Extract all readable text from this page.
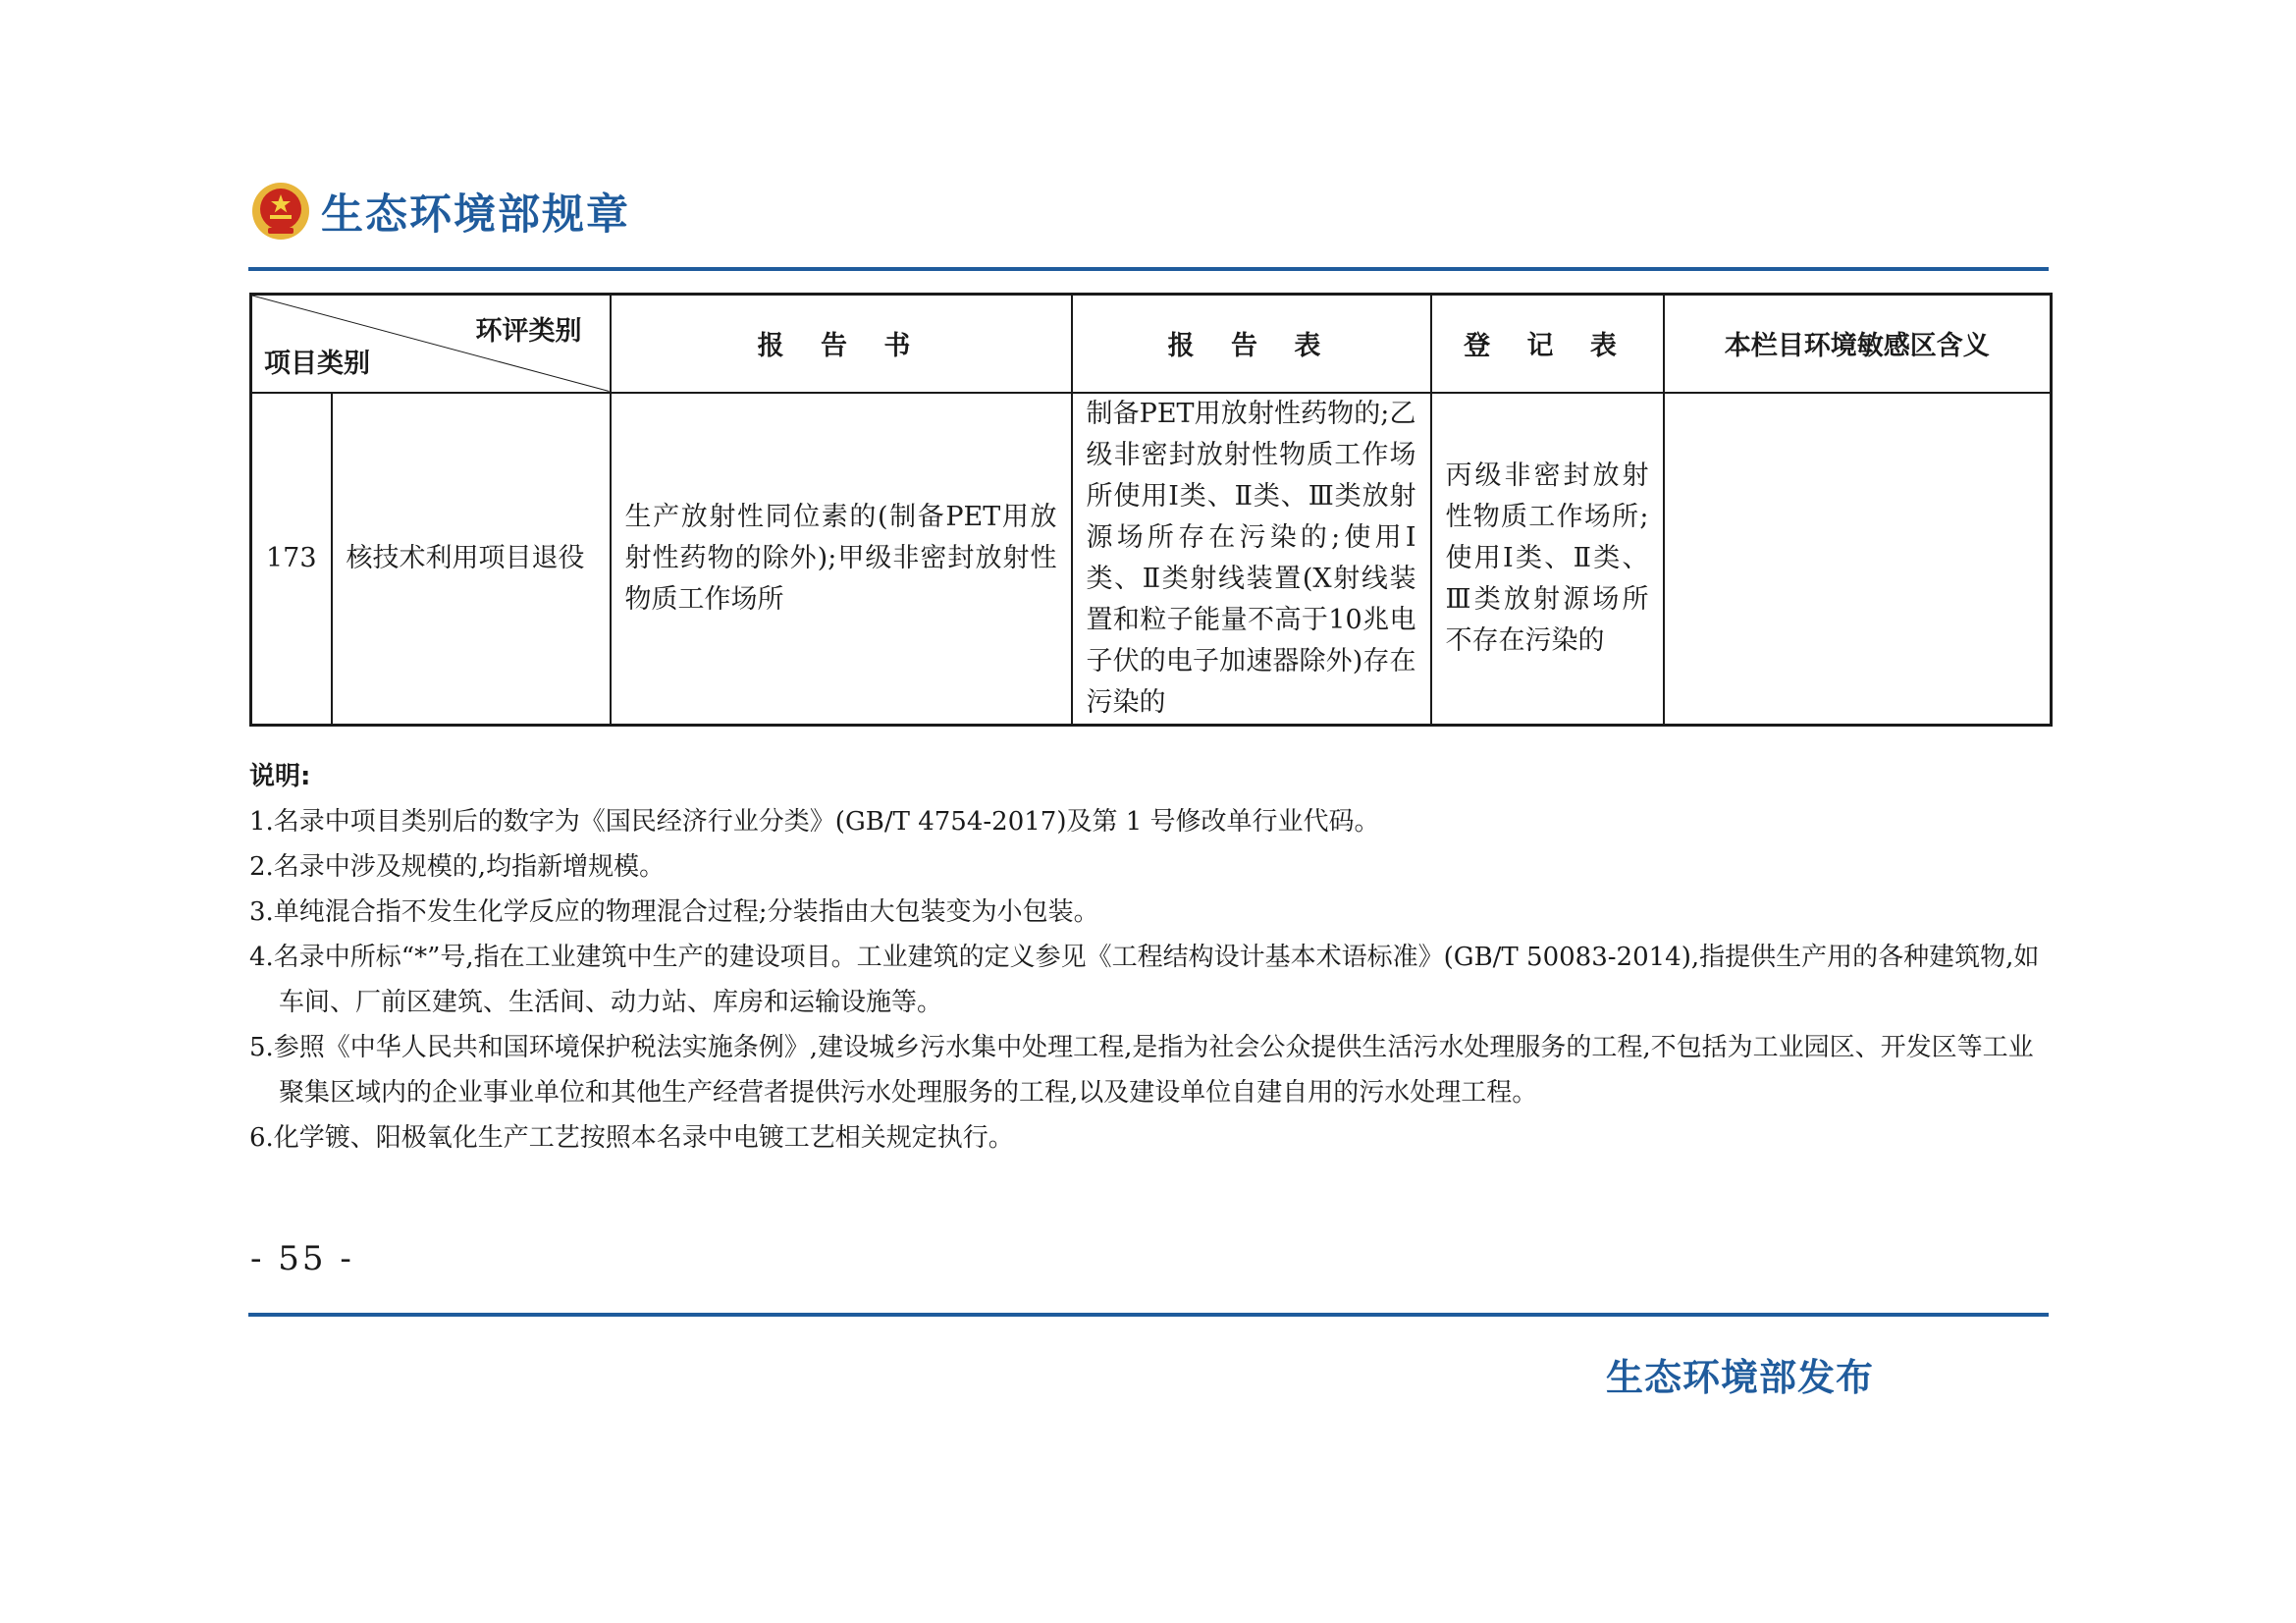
生态环境部规章
环评类别
项目类别		报 告 书	报 告 表	登 记 表	本栏目环境敏感区含义
173	核技术利用项目退役	生产放射性同位素的(制备PET用放射性药物的除外);甲级非密封放射性物质工作场所	制备PET用放射性药物的;乙级非密封放射性物质工作场所使用Ⅰ类、Ⅱ类、Ⅲ类放射源场所存在污染的;使用Ⅰ类、Ⅱ类射线装置(X射线装置和粒子能量不高于10兆电子伏的电子加速器除外)存在污染的	丙级非密封放射性物质工作场所;使用Ⅰ类、Ⅱ类、Ⅲ类放射源场所不存在污染的	
说明:
1.名录中项目类别后的数字为《国民经济行业分类》(GB/T 4754-2017)及第 1 号修改单行业代码。
2.名录中涉及规模的,均指新增规模。
3.单纯混合指不发生化学反应的物理混合过程;分装指由大包装变为小包装。
4.名录中所标“*”号,指在工业建筑中生产的建设项目。工业建筑的定义参见《工程结构设计基本术语标准》(GB/T 50083-2014),指提供生产用的各种建筑物,如车间、厂前区建筑、生活间、动力站、库房和运输设施等。
5.参照《中华人民共和国环境保护税法实施条例》,建设城乡污水集中处理工程,是指为社会公众提供生活污水处理服务的工程,不包括为工业园区、开发区等工业聚集区域内的企业事业单位和其他生产经营者提供污水处理服务的工程,以及建设单位自建自用的污水处理工程。
6.化学镀、阳极氧化生产工艺按照本名录中电镀工艺相关规定执行。
- 55 -
生态环境部发布
